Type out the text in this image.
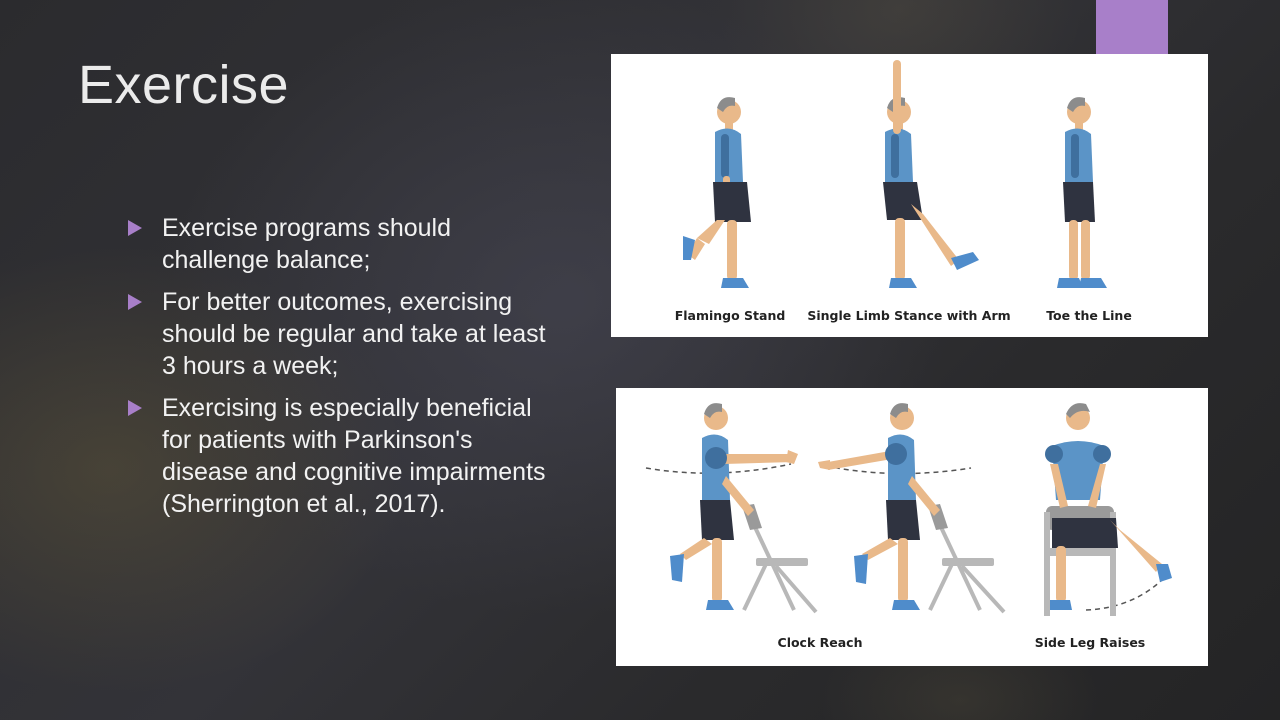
Exercise
Exercise programs should challenge balance;
For better outcomes, exercising should be regular and take at least 3 hours a week;
Exercising is especially beneficial for patients with Parkinson's disease and cognitive impairments (Sherrington et al., 2017).
Flamingo Stand Single Limb Stance with Arm	Toe the Line
Clock Reach	Side Leg Raises
